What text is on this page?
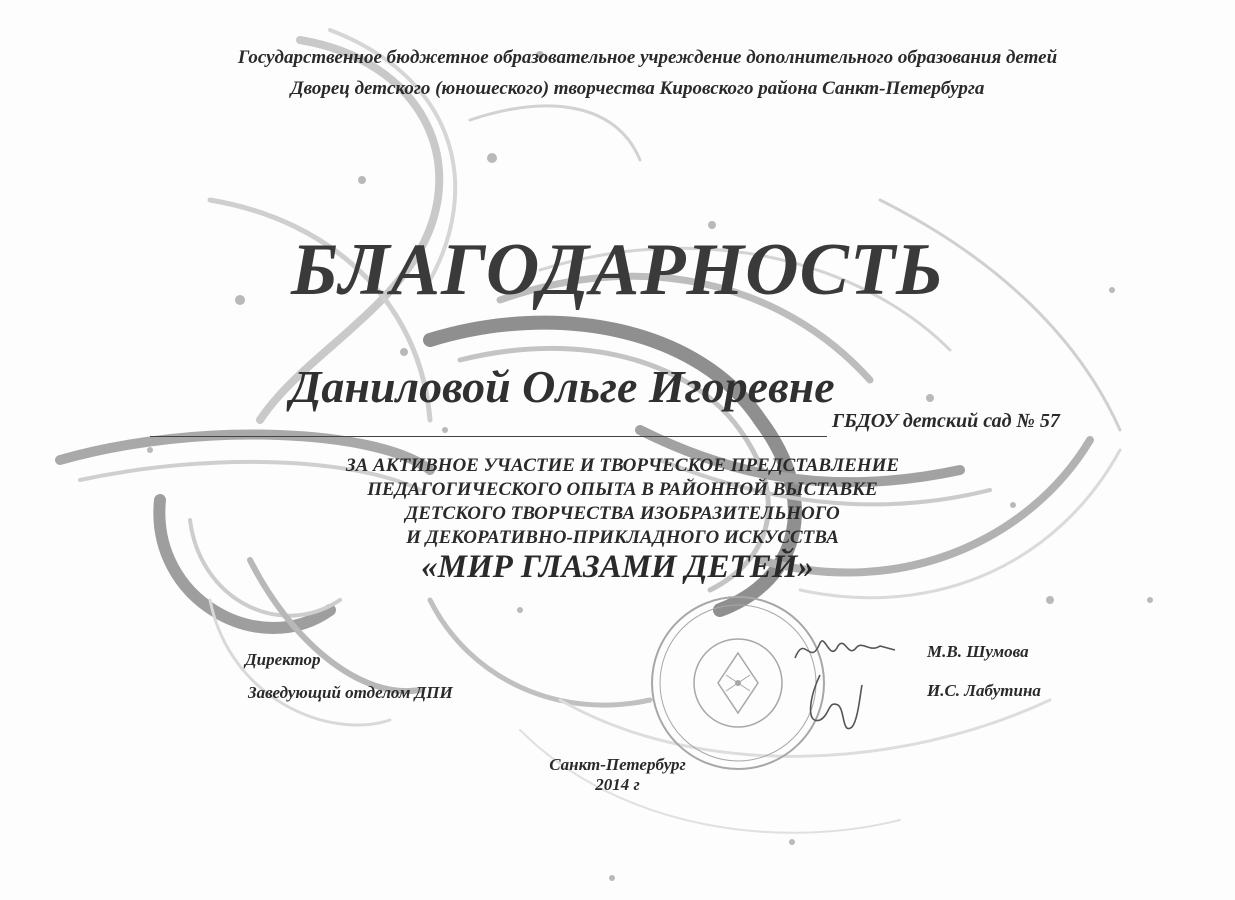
Государственное бюджетное образовательное учреждение дополнительного образования детей
Дворец детского (юношеского) творчества Кировского района Санкт-Петербурга
БЛАГОДАРНОСТЬ
Даниловой Ольге Игоревне
ГБДОУ детский сад № 57
ЗА АКТИВНОЕ УЧАСТИЕ И ТВОРЧЕСКОЕ ПРЕДСТАВЛЕНИЕ
ПЕДАГОГИЧЕСКОГО ОПЫТА В РАЙОННОЙ ВЫСТАВКЕ
ДЕТСКОГО ТВОРЧЕСТВА ИЗОБРАЗИТЕЛЬНОГО
И ДЕКОРАТИВНО-ПРИКЛАДНОГО ИСКУССТВА
«МИР ГЛАЗАМИ ДЕТЕЙ»
Директор
Заведующий отделом ДПИ
М.В. Шумова
И.С. Лабутина
Санкт-Петербург
2014 г
